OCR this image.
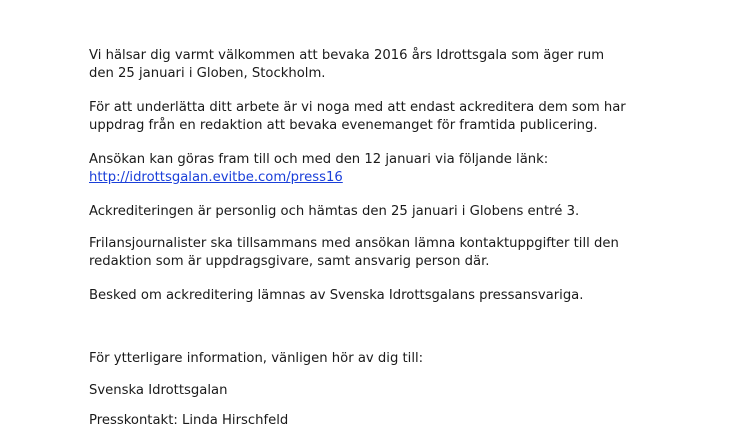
Vi hälsar dig varmt välkommen att bevaka 2016 års Idrottsgala som äger rum
den 25 januari i Globen, Stockholm.

För att underlätta ditt arbete är vi noga med att endast ackreditera dem som har
uppdrag från en redaktion att bevaka evenemanget för framtida publicering.

Ansökan kan göras fram till och med den 12 januari via följande länk:
http://idrottsgalan.evitbe.com/press16

Ackrediteringen är personlig och hämtas den 25 januari i Globens entré 3.

Frilansjournalister ska tillsammans med ansökan lämna kontaktuppgifter till den
redaktion som är uppdragsgivare, samt ansvarig person där.

Besked om ackreditering lämnas av Svenska Idrottsgalans pressansvariga.

För ytterligare information, vänligen hör av dig till:

Svenska Idrottsgalan

Presskontakt: Linda Hirschfeld
